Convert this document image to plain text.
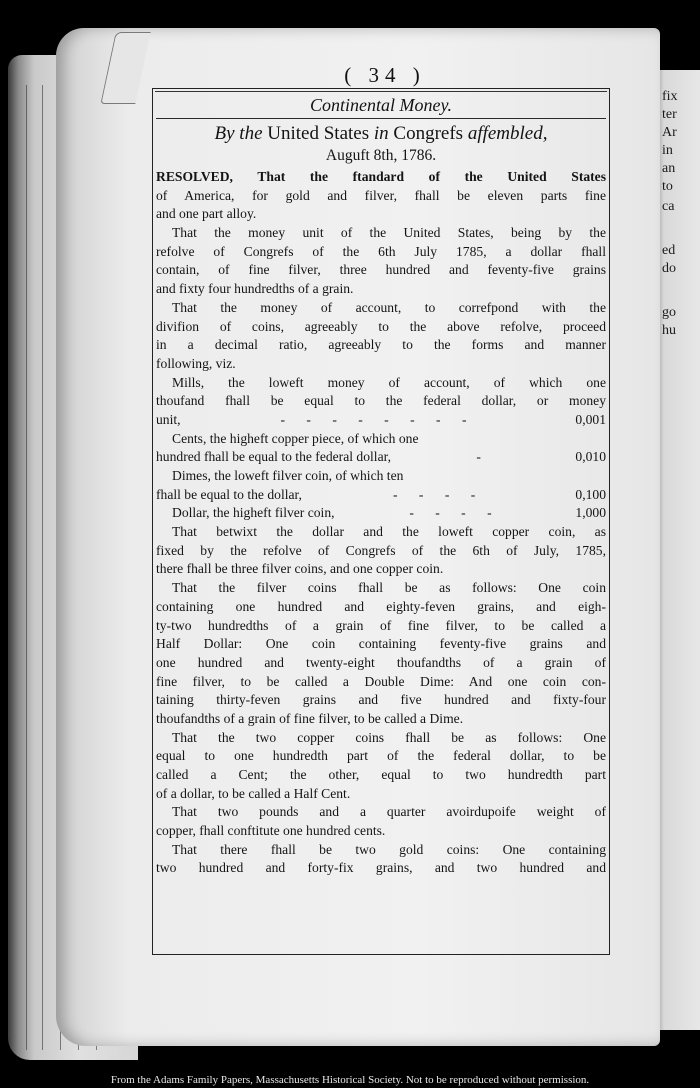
fix
ter
Ar
in
an
to
ca
ed
do
go
hu
( 34 )
Continental Money.
By the United States in Congrefs affembled,
Auguft 8th, 1786.
RESOLVED, That the ftandard of the United States
of America, for gold and filver, fhall be eleven parts fine
and one part alloy.
That the money unit of the United States, being by the
refolve of Congrefs of the 6th July 1785, a dollar fhall
contain, of fine filver, three hundred and feventy-five grains
and fixty four hundredths of a grain.
That the money of account, to correfpond with the
divifion of coins, agreeably to the above refolve, proceed
in a decimal ratio, agreeably to the forms and manner
following, viz.
Mills, the loweft money of account, of which one
thoufand fhall be equal to the federal dollar, or money
unit,	- - - - - - - -	0,001
Cents, the higheft copper piece, of which one
hundred fhall be equal to the federal dollar,	-	0,010
Dimes, the loweft filver coin, of which ten
fhall be equal to the dollar,	- - - -	0,100
Dollar, the higheft filver coin,	- - - -	1,000
That betwixt the dollar and the loweft copper coin, as
fixed by the refolve of Congrefs of the 6th of July, 1785,
there fhall be three filver coins, and one copper coin.
That the filver coins fhall be as follows: One coin
containing one hundred and eighty-feven grains, and eigh-
ty-two hundredths of a grain of fine filver, to be called a
Half Dollar: One coin containing feventy-five grains and
one hundred and twenty-eight thoufandths of a grain of
fine filver, to be called a Double Dime: And one coin con-
taining thirty-feven grains and five hundred and fixty-four
thoufandths of a grain of fine filver, to be called a Dime.
That the two copper coins fhall be as follows: One
equal to one hundredth part of the federal dollar, to be
called a Cent; the other, equal to two hundredth part
of a dollar, to be called a Half Cent.
That two pounds and a quarter avoirdupoife weight of
copper, fhall conftitute one hundred cents.
That there fhall be two gold coins: One containing
two hundred and forty-fix grains, and two hundred and
From the Adams Family Papers, Massachusetts Historical Society. Not to be reproduced without permission.
